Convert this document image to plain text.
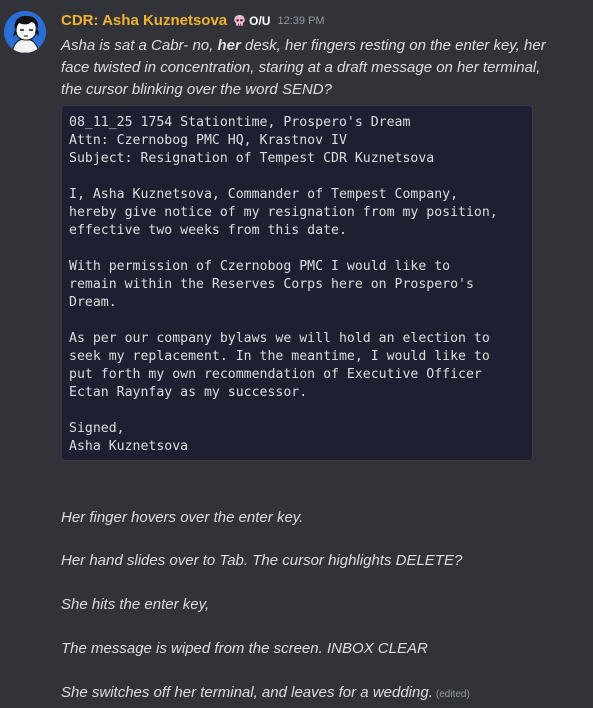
CDR: Asha Kuznetsova O/U 12:39 PM
Asha is sat a Cabr- no, her desk, her fingers resting on the enter key, her face twisted in concentration, staring at a draft message on her terminal, the cursor blinking over the word SEND?
08_11_25 1754 Stationtime, Prospero's Dream
Attn: Czernobog PMC HQ, Krastnov IV
Subject: Resignation of Tempest CDR Kuznetsova

I, Asha Kuznetsova, Commander of Tempest Company,
hereby give notice of my resignation from my position,
effective two weeks from this date.

With permission of Czernobog PMC I would like to
remain within the Reserves Corps here on Prospero's
Dream.

As per our company bylaws we will hold an election to
seek my replacement. In the meantime, I would like to
put forth my own recommendation of Executive Officer
Ectan Raynfay as my successor.

Signed,
Asha Kuznetsova
Her finger hovers over the enter key.
Her hand slides over to Tab. The cursor highlights DELETE?
She hits the enter key,
The message is wiped from the screen. INBOX CLEAR
She switches off her terminal, and leaves for a wedding. (edited)
